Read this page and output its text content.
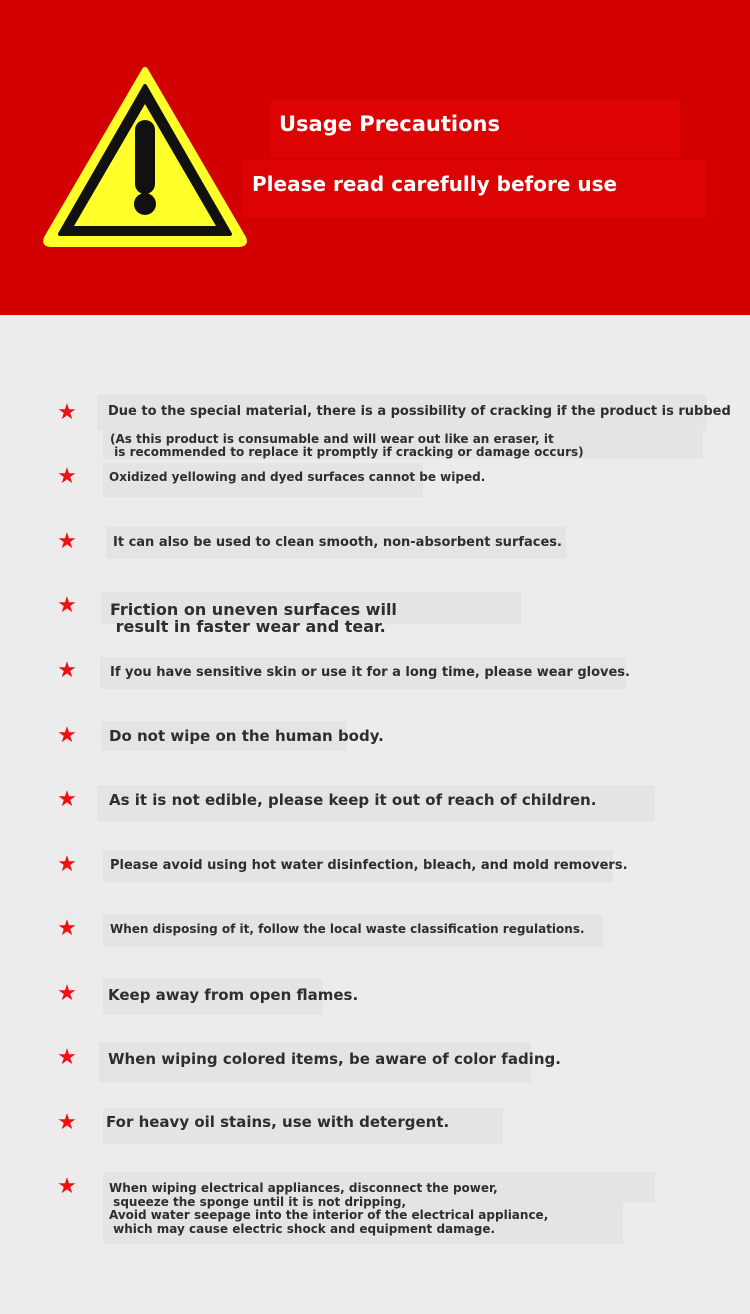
Usage Precautions
Please read carefully before use
★ Due to the special material, there is a possibility of cracking if the product is rubbed
(As this product is consumable and will wear out like an eraser, it
is recommended to replace it promptly if cracking or damage occurs)
★	Oxidized yellowing and dyed surfaces cannot be wiped.
★	It can also be used to clean smooth, non-absorbent surfaces.
★ Friction on uneven surfaces will
result in faster wear and tear.
★	If you have sensitive skin or use it for a long time, please wear gloves.
★ Do not wipe on the human body.
★ As it is not edible, please keep it out of reach of children.
★	Please avoid using hot water disinfection, bleach, and mold removers.
★	When disposing of it, follow the local waste classification regulations.
★ Keep away from open flames.
★ When wiping colored items, be aware of color fading.
★ For heavy oil stains, use with detergent.
★	When wiping electrical appliances, disconnect the power,
squeeze the sponge until it is not dripping,
Avoid water seepage into the interior of the electrical appliance,
which may cause electric shock and equipment damage.
